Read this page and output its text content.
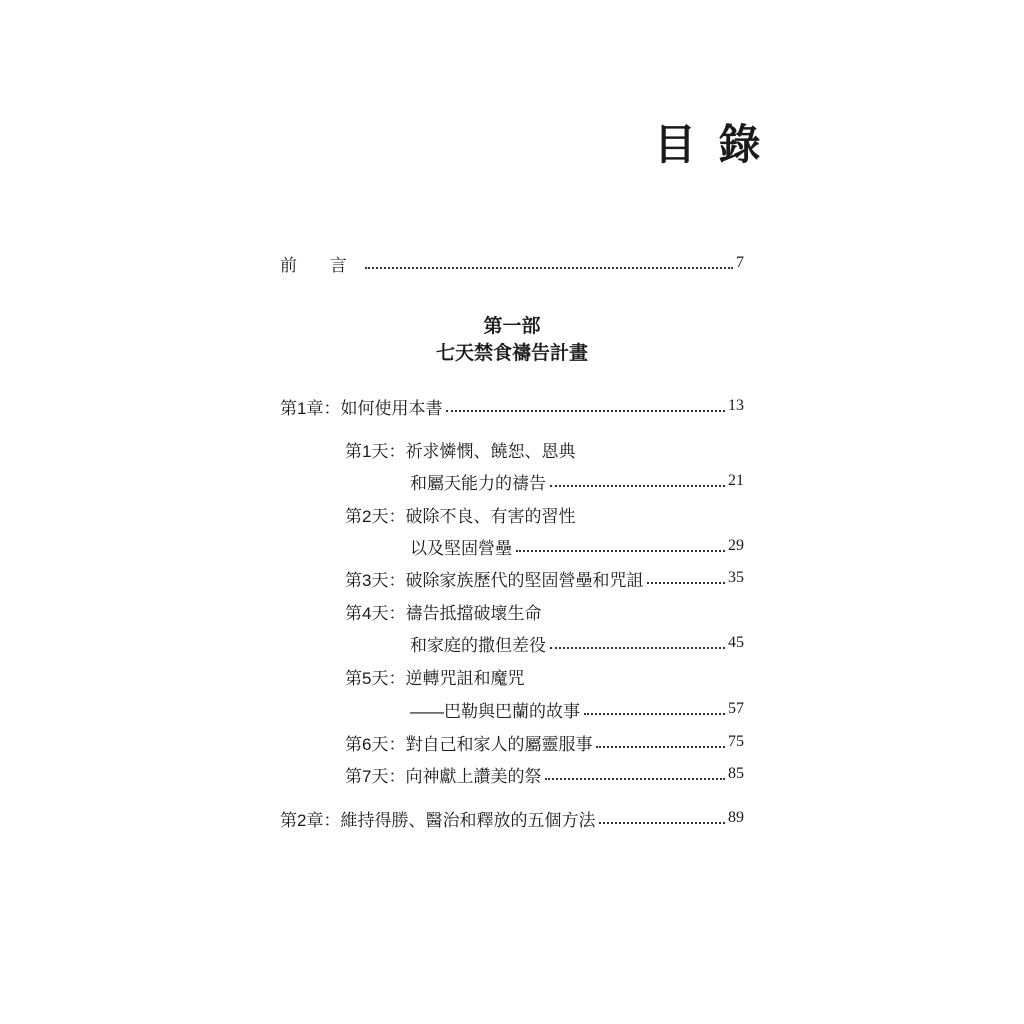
目 錄
前 言	7
第一部
七天禁食禱告計畫
第1章：如何使用本書	13
第1天：祈求憐憫、饒恕、恩典
和屬天能力的禱告	21
第2天：破除不良、有害的習性
以及堅固營壘	29
第3天：破除家族歷代的堅固營壘和咒詛	35
第4天：禱告抵擋破壞生命
和家庭的撒但差役	45
第5天：逆轉咒詛和魔咒
——巴勒與巴蘭的故事	57
第6天：對自己和家人的屬靈服事	75
第7天：向神獻上讚美的祭	85
第2章：維持得勝、醫治和釋放的五個方法	89
